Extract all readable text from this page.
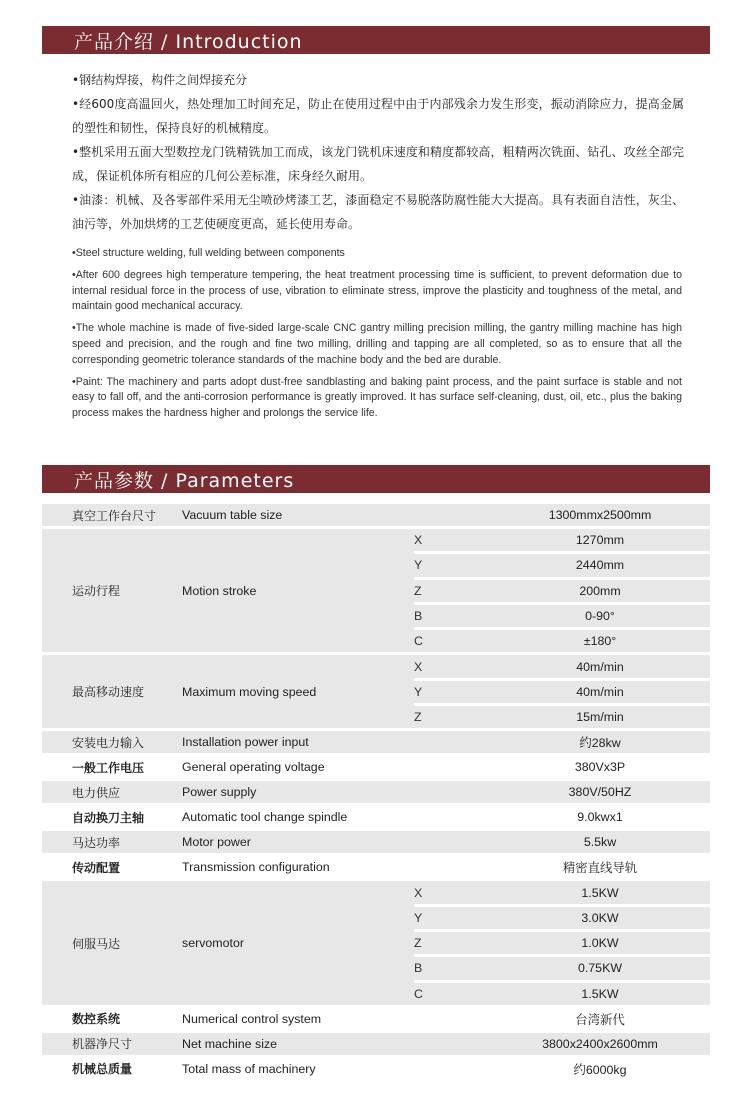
产品介绍 / Introduction

•钢结构焊接，构件之间焊接充分

•经600度高温回火，热处理加工时间充足，防止在使用过程中由于内部残余力发生形变，振动消除应力，提高金属的塑性和韧性，保持良好的机械精度。

•整机采用五面大型数控龙门铣精铣加工而成，该龙门铣机床速度和精度都较高，粗精两次铣面、钻孔、攻丝全部完成，保证机体所有相应的几何公差标准，床身经久耐用。

•油漆：机械、及各零部件采用无尘喷砂烤漆工艺，漆面稳定不易脱落防腐性能大大提高。具有表面自洁性，灰尘、油污等，外加烘烤的工艺使硬度更高，延长使用寿命。

•Steel structure welding, full welding between components

•After 600 degrees high temperature tempering, the heat treatment processing time is sufficient, to prevent deformation due to internal residual force in the process of use, vibration to eliminate stress, improve the plasticity and toughness of the metal, and maintain good mechanical accuracy.

•The whole machine is made of five-sided large-scale CNC gantry milling precision milling, the gantry milling machine has high speed and precision, and the rough and fine two milling, drilling and tapping are all completed, so as to ensure that all the corresponding geometric tolerance standards of the machine body and the bed are durable.

•Paint: The machinery and parts adopt dust-free sandblasting and baking paint process, and the paint surface is stable and not easy to fall off, and the anti-corrosion performance is greatly improved. It has surface self-cleaning, dust, oil, etc., plus the baking process makes the hardness higher and prolongs the service life.

产品参数 / Parameters
真空工作台尺寸	Vacuum table size		1300mmx2500mm
运动行程	Motion stroke	X	1270mm
		Y	2440mm
		Z	200mm
		B	0-90°
		C	±180°
最高移动速度	Maximum moving speed	X	40m/min
		Y	40m/min
		Z	15m/min
安装电力输入	Installation power input		约28kw
一般工作电压	General operating voltage		380Vx3P
电力供应	Power supply		380V/50HZ
自动换刀主轴	Automatic tool change spindle		9.0kwx1
马达功率	Motor power		5.5kw
传动配置	Transmission configuration		精密直线导轨
伺服马达	servomotor	X	1.5KW
		Y	3.0KW
		Z	1.0KW
		B	0.75KW
		C	1.5KW
数控系统	Numerical control system		台湾新代
机器净尺寸	Net machine size		3800x2400x2600mm
机械总质量	Total mass of machinery		约6000kg
